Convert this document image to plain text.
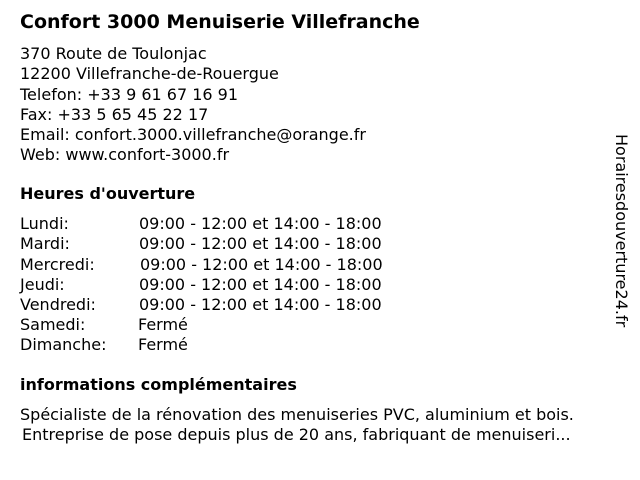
Confort 3000 Menuiserie Villefranche
370 Route de Toulonjac
12200 Villefranche-de-Rouergue
Telefon: +33 9 61 67 16 91
Fax: +33 5 65 45 22 17
Email: confort.3000.villefranche@orange.fr
Web: www.confort-3000.fr
Heures d'ouverture
Lundi:	09:00 - 12:00 et 14:00 - 18:00
Mardi:	09:00 - 12:00 et 14:00 - 18:00
Mercredi:	09:00 - 12:00 et 14:00 - 18:00
Jeudi:	09:00 - 12:00 et 14:00 - 18:00
Vendredi:	09:00 - 12:00 et 14:00 - 18:00
Samedi:	Fermé
Dimanche: Fermé
informations complémentaires
Spécialiste de la rénovation des menuiseries PVC, aluminium et bois.
Entreprise de pose depuis plus de 20 ans, fabriquant de menuiseri...
Horairesdouverture24.fr
